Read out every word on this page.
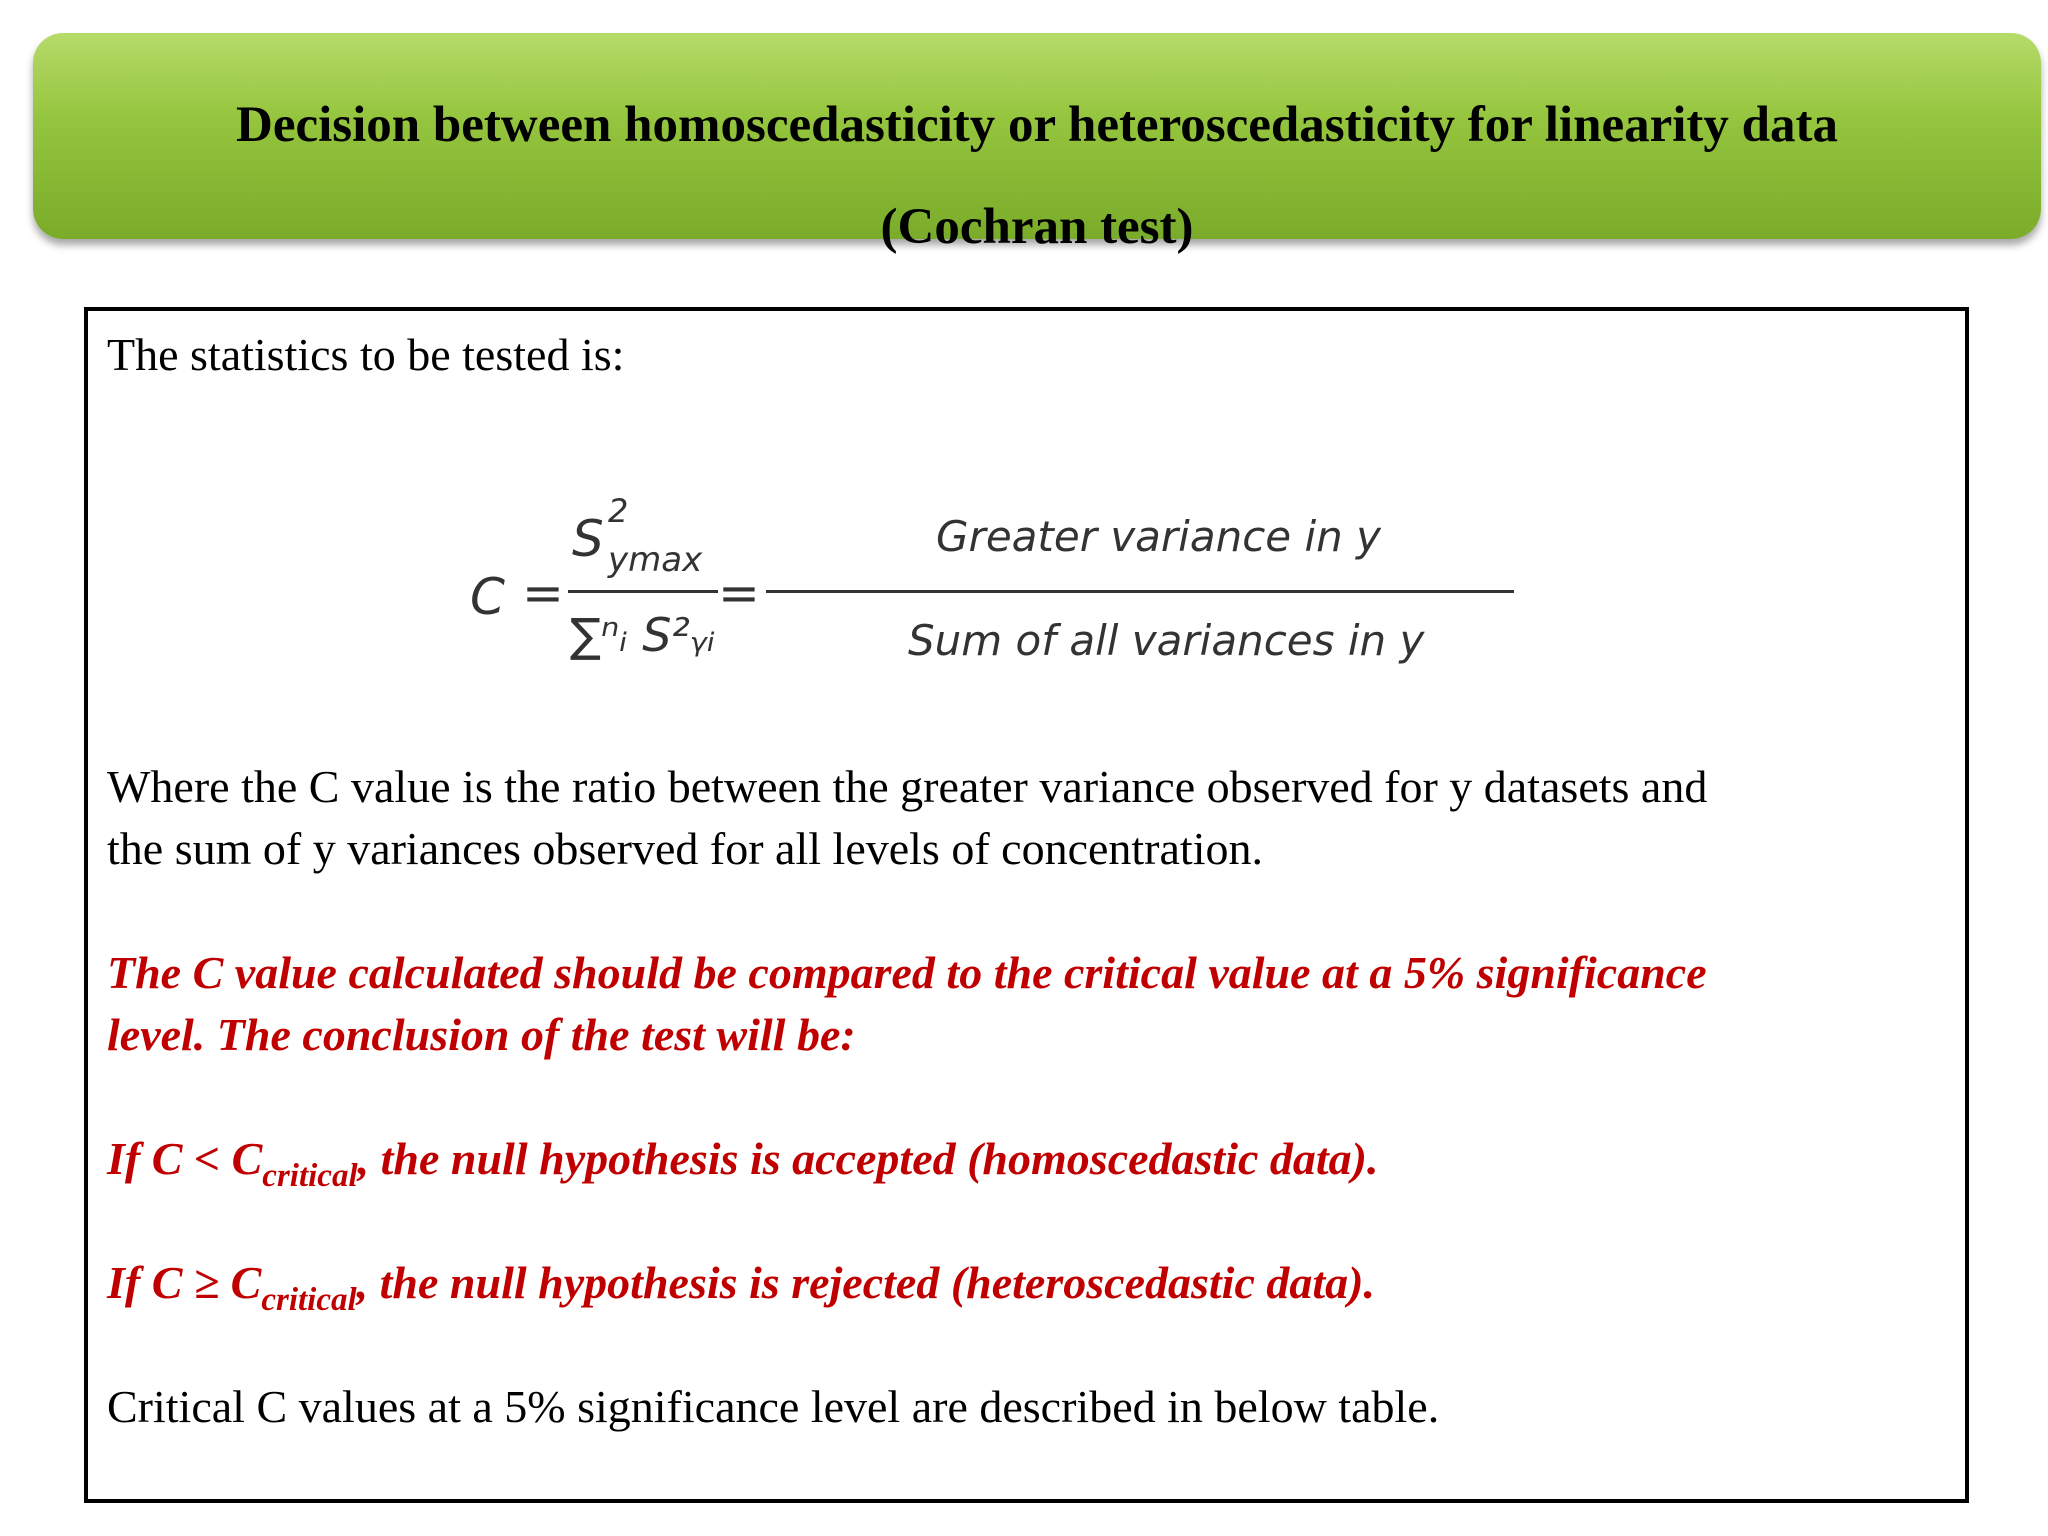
Decision between homoscedasticity or heteroscedasticity for linearity data
(Cochran test)
The statistics to be tested is:
C =
S 2
ymax
∑ⁿᵢ S²ᵧᵢ
=
Greater variance in y
Sum of all variances in y
Where the C value is the ratio between the greater variance observed for y datasets and
the sum of y variances observed for all levels of concentration.
The C value calculated should be compared to the critical value at a 5% significance
level. The conclusion of the test will be:
If $C < C_{critical}$, the null hypothesis is accepted (homoscedastic data).
If $C \ge C_{critical}$, the null hypothesis is rejected (heteroscedastic data).
Critical C values at a 5% significance level are described in below table.
